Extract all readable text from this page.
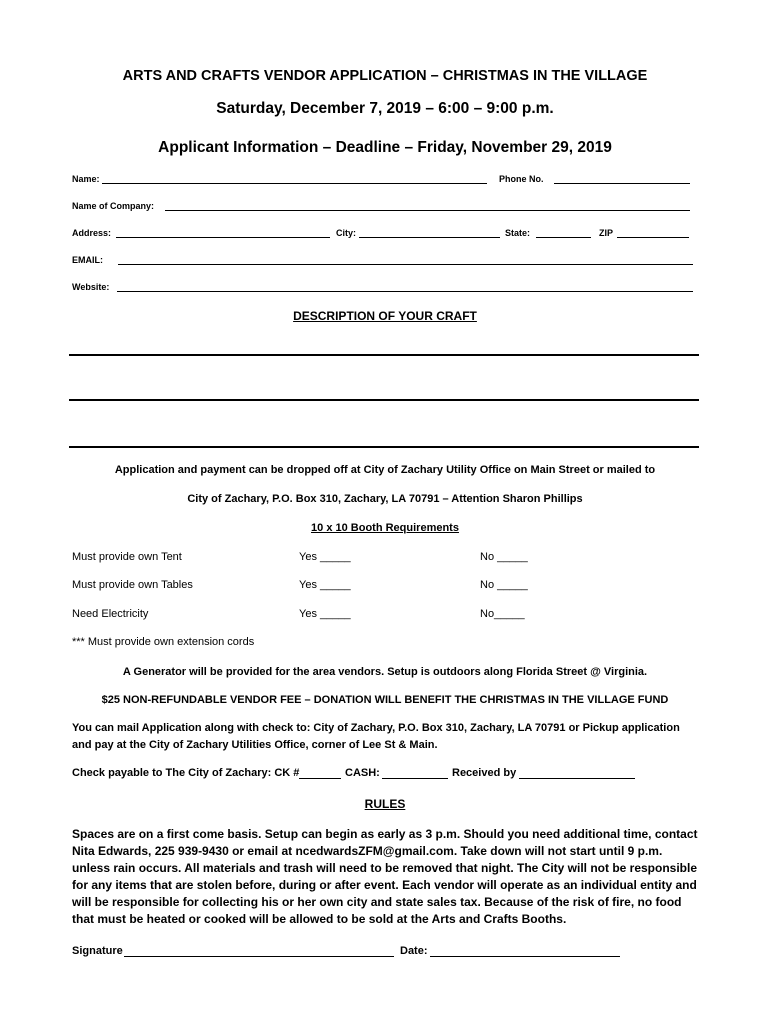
ARTS AND CRAFTS VENDOR APPLICATION – CHRISTMAS IN THE VILLAGE
Saturday, December 7, 2019 – 6:00 – 9:00 p.m.
Applicant Information – Deadline – Friday, November 29, 2019
Name:	Phone No.
Name of Company:
Address:	City:	State:	ZIP
EMAIL:
Website:
DESCRIPTION OF YOUR CRAFT
Application and payment can be dropped off at City of Zachary Utility Office on Main Street or mailed to
City of Zachary, P.O. Box 310, Zachary, LA 70791 – Attention Sharon Phillips
10 x 10 Booth Requirements
Must provide own Tent	Yes _____	No _____
Must provide own Tables	Yes _____	No _____
Need Electricity	Yes _____	No_____
*** Must provide own extension cords
A Generator will be provided for the area vendors. Setup is outdoors along Florida Street @ Virginia.
$25 NON-REFUNDABLE VENDOR FEE – DONATION WILL BENEFIT THE CHRISTMAS IN THE VILLAGE FUND
You can mail Application along with check to: City of Zachary, P.O. Box 310, Zachary, LA 70791 or Pickup application
and pay at the City of Zachary Utilities Office, corner of Lee St & Main.
Check payable to The City of Zachary: CK #	CASH:	Received by
RULES
Spaces are on a first come basis. Setup can begin as early as 3 p.m. Should you need additional time, contact Nita Edwards, 225 939-9430 or email at ncedwardsZFM@gmail.com. Take down will not start until 9 p.m. unless rain occurs. All materials and trash will need to be removed that night. The City will not be responsible for any items that are stolen before, during or after event. Each vendor will operate as an individual entity and will be responsible for collecting his or her own city and state sales tax. Because of the risk of fire, no food that must be heated or cooked will be allowed to be sold at the Arts and Crafts Booths.
Signature	Date:
